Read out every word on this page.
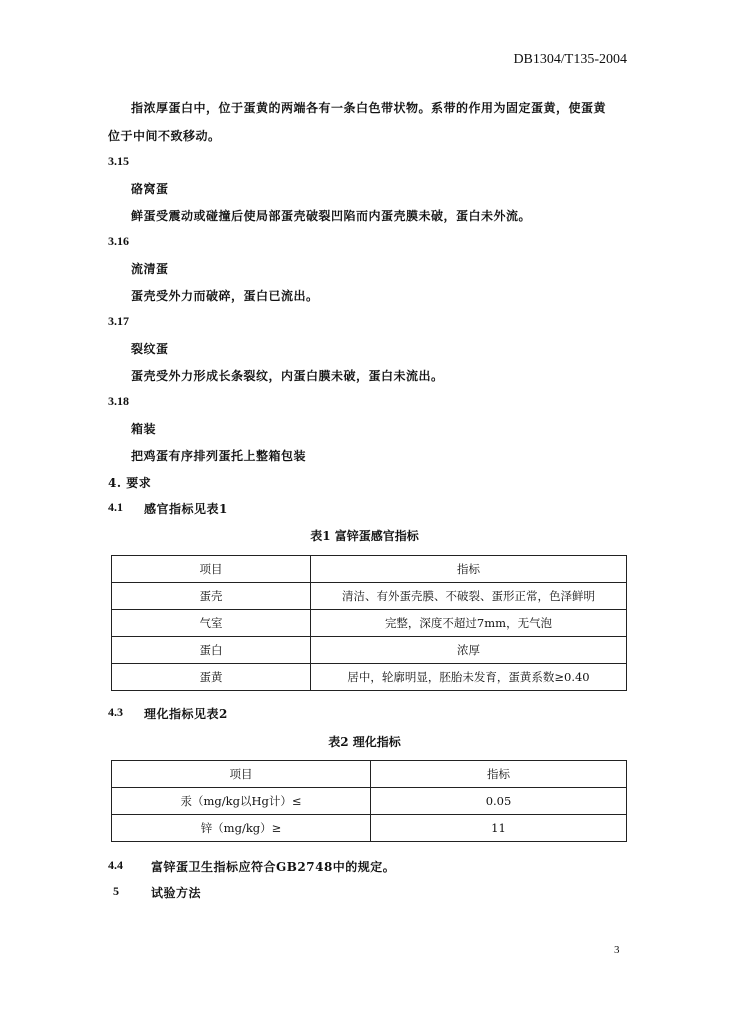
DB1304/T135-2004
指浓厚蛋白中，位于蛋黄的两端各有一条白色带状物。系带的作用为固定蛋黄，使蛋黄
位于中间不致移动。
3.15
硌窝蛋
鲜蛋受震动或碰撞后使局部蛋壳破裂凹陷而内蛋壳膜未破，蛋白未外流。
3.16
流清蛋
蛋壳受外力而破碎，蛋白已流出。
3.17
裂纹蛋
蛋壳受外力形成长条裂纹，内蛋白膜未破，蛋白未流出。
3.18
箱装
把鸡蛋有序排列蛋托上整箱包装
4. 要求
4.1 感官指标见表1
表1 富锌蛋感官指标
项目	指标
蛋壳	清洁、有外蛋壳膜、不破裂、蛋形正常，色泽鲜明
气室	完整，深度不超过7mm，无气泡
蛋白	浓厚
蛋黄	居中，轮廓明显，胚胎未发育，蛋黄系数≥0.40
4.3 理化指标见表2
表2 理化指标
项目	指标
汞（mg/kg以Hg计）≤	0.05
锌（mg/kg）≥	11
4.4 富锌蛋卫生指标应符合GB2748中的规定。
5	试验方法
3
